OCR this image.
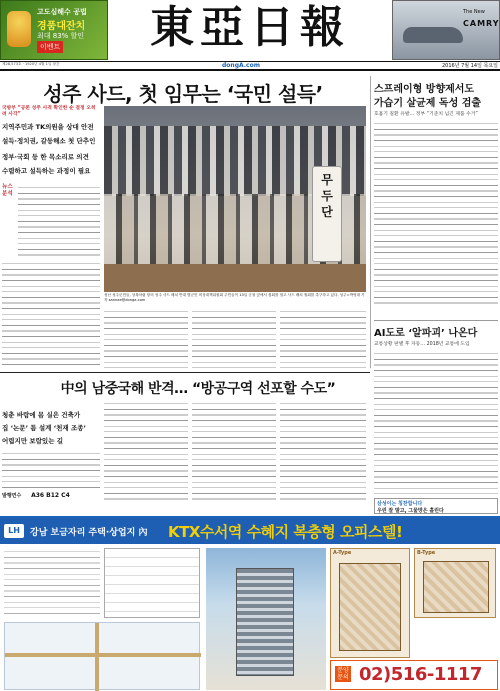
고도심해수 공법
경품대잔치
최대 83% 할인
이벤트 東亞日報	The New
CAMRY
제28,573호 · 1920년 4월 1일 창간	dongA.com	2016년 7월 14일 목요일
성주 사드, 첫 임무는 ‘국민 설득’
국방부 “공론 성주 사격 확인한 순 결정 오히려 사각”
지역주민과 TK의원을 상대 안전
설득·정치권, 갈등해소 첫 단추인
정부·국회 등 한 목소리로 의견
수렴하고 설득하는 과정이 필요
뉴스 분석
무 두 단
성난 성주군민들, 상복차림 항의 성주 사드 배치 반대 범군민 비상대책위원회 주민들이 13일 군청 앞에서 집회를 열고 사드 배치 철회를 촉구하고 있다. 성주=박영대 기자 sannae@donga.com
스프레이형 방향제서도
가습기 살균제 독성 검출
호흡기 질환 유발… 정부 “기준치 넘긴 제품 수거”
AI도로 ‘알파괴’ 나온다
교통상황 판별 후 자동… 2018년 교통에 도입
中의 남중국해 반격… “방공구역 선포할 수도”
청춘 바람에 몸 실은 건축가
집 ‘논문’ 틈 설계 ‘천재 조종’
어렵지만 보람있는 길
발행면수 A36 B12 C4
삼성이는 칭찬합니다
우린 잘 말고, 그물망은 흘린다
LH	강남 보금자리 주택·상업지 內 KTX수서역 수혜지 복층형 오피스텔!
A-Type	B-Type
분양문의 02)516-1117
